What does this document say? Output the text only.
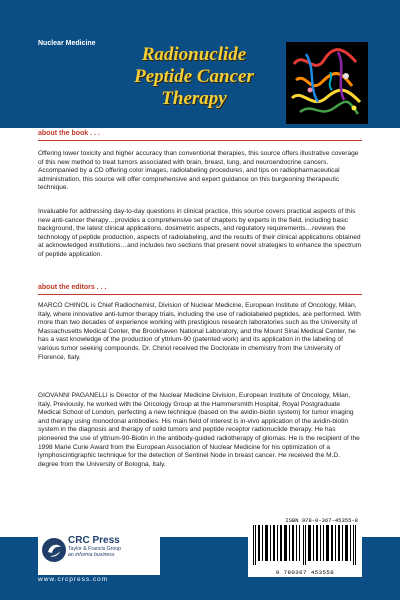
Nuclear Medicine
Radionuclide
Peptide Cancer
Therapy
about the book . . .

Offering lower toxicity and higher accuracy than conventional therapies, this source offers illustrative coverage of this new method to treat tumors associated with brain, breast, lung, and neuroendocrine cancers. Accompanied by a CD offering color images, radiolabeling procedures, and tips on radiopharmaceutical administration, this source will offer comprehensive and expert guidance on this burgeoning therapeutic technique.

Invaluable for addressing day-to-day questions in clinical practice, this source covers practical aspects of this new anti-cancer therapy…provides a comprehensive set of chapters by experts in the field, including basic background, the latest clinical applications, dosimetric aspects, and regulatory requirements…reviews the technology of peptide production, aspects of radiolabeling, and the results of their clinical applications obtained at acknowledged institutions…and includes two sections that present novel strategies to enhance the spectrum of peptide application.

about the editors . . .

MARCO CHINOL is Chief Radiochemist, Division of Nuclear Medicine, European Institute of Oncology, Milan, Italy, where innovative anti-tumor therapy trials, including the use of radiolabeled peptides, are performed. With more than two decades of experience working with prestigious research laboratories such as the University of Massachusetts Medical Center, the Brookhaven National Laboratory, and the Mount Sinai Medical Center, he has a vast knowledge of the production of yttrium-90 (patented work) and its application in the labeling of various tumor seeking compounds. Dr. Chinol received the Doctorate in chemistry from the University of Florence, Italy.

GIOVANNI PAGANELLI is Director of the Nuclear Medicine Division, European Institute of Oncology, Milan, Italy. Previously, he worked with the Oncology Group at the Hammersmith Hospital, Royal Postgraduate Medical School of London, perfecting a new technique (based on the avidin-biotin system) for tumor imaging and therapy using monoclonal antibodies. His main field of interest is in-vivo application of the avidin-biotin system in the diagnosis and therapy of solid tumors and peptide receptor radionuclide therapy. He has pioneered the use of yttrium-90-Biotin in the antibody-guided radiotherapy of gliomas. He is the recipient of the 1998 Marie Curie Award from the European Association of Nuclear Medicine for his optimization of a lymphoscintigraphic technique for the detection of Sentinel Node in breast cancer. He received the M.D. degree from the University of Bologna, Italy.

CRC Press
Taylor & Francis Group
an informa business
www.crcpress.com
ISBN 978-0-367-45355-8
9 780367 453558
